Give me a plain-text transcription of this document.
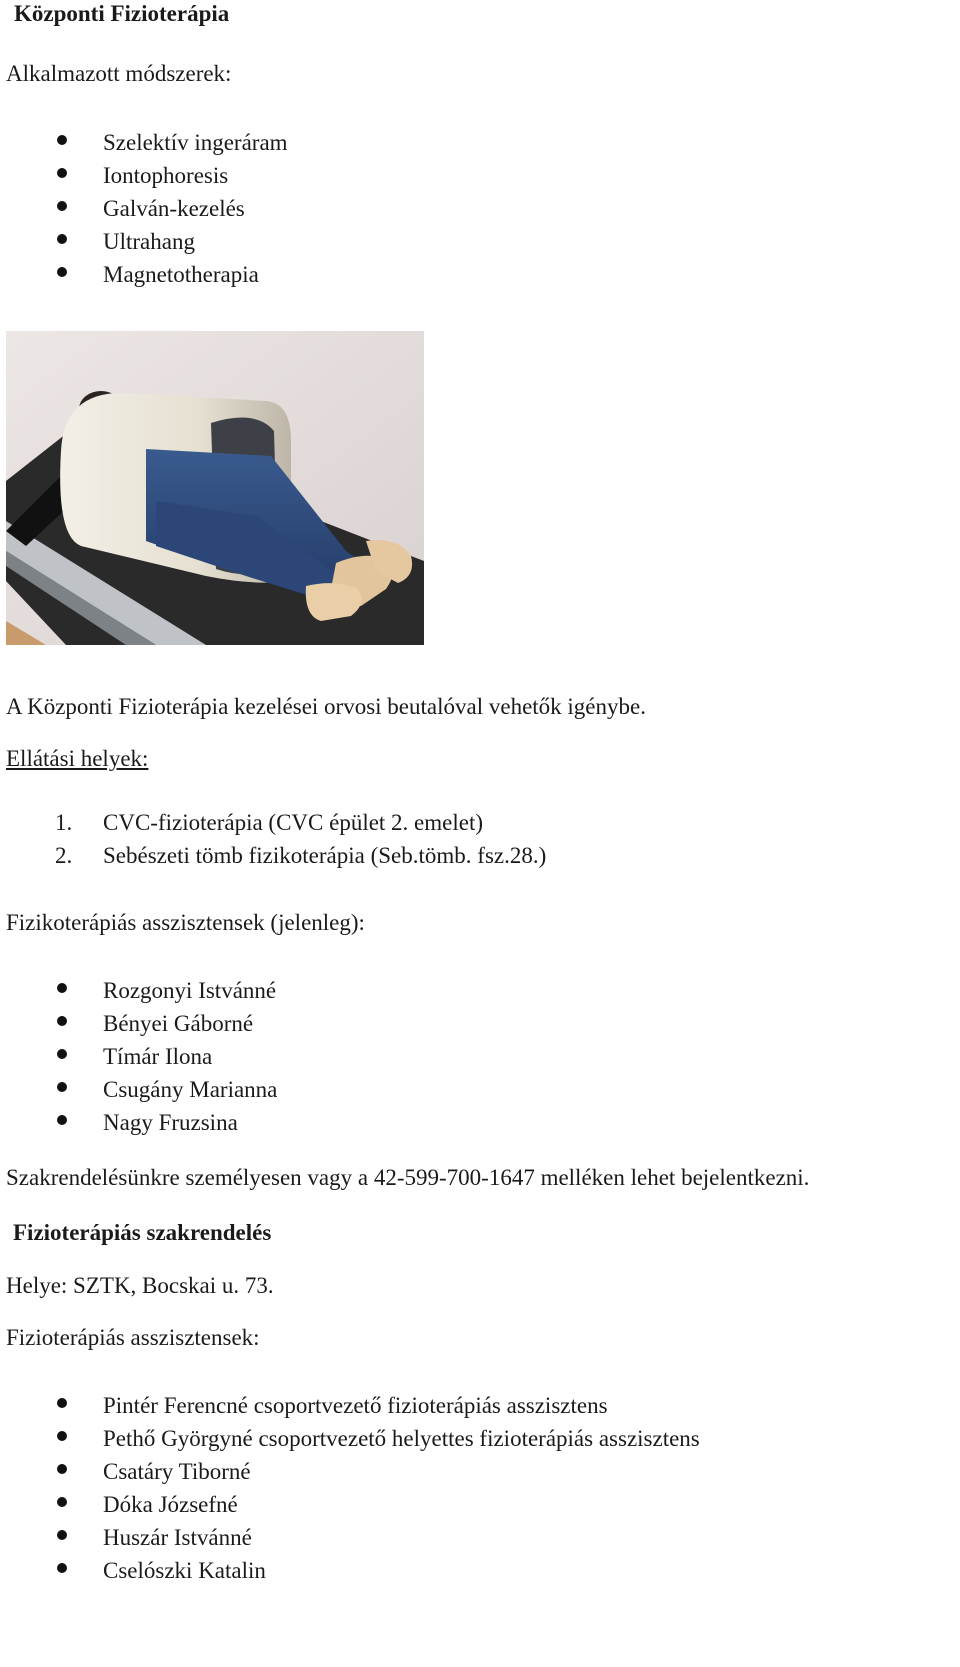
Központi Fizioterápia
Alkalmazott módszerek:
Szelektív ingeráram
Iontophoresis
Galván-kezelés
Ultrahang
Magnetotherapia
A Központi Fizioterápia kezelései orvosi beutalóval vehetők igénybe.
Ellátási helyek:
1. CVC-fizioterápia (CVC épület 2. emelet)
2. Sebészeti tömb fizikoterápia (Seb.tömb. fsz.28.)
Fizikoterápiás asszisztensek (jelenleg):
Rozgonyi Istvánné
Bényei Gáborné
Tímár Ilona
Csugány Marianna
Nagy Fruzsina
Szakrendelésünkre személyesen vagy a 42-599-700-1647 melléken lehet bejelentkezni.
Fizioterápiás szakrendelés
Helye: SZTK, Bocskai u. 73.
Fizioterápiás asszisztensek:
Pintér Ferencné csoportvezető fizioterápiás asszisztens
Pethő Györgyné csoportvezető helyettes fizioterápiás asszisztens
Csatáry Tiborné
Dóka Józsefné
Huszár Istvánné
Cselószki Katalin
